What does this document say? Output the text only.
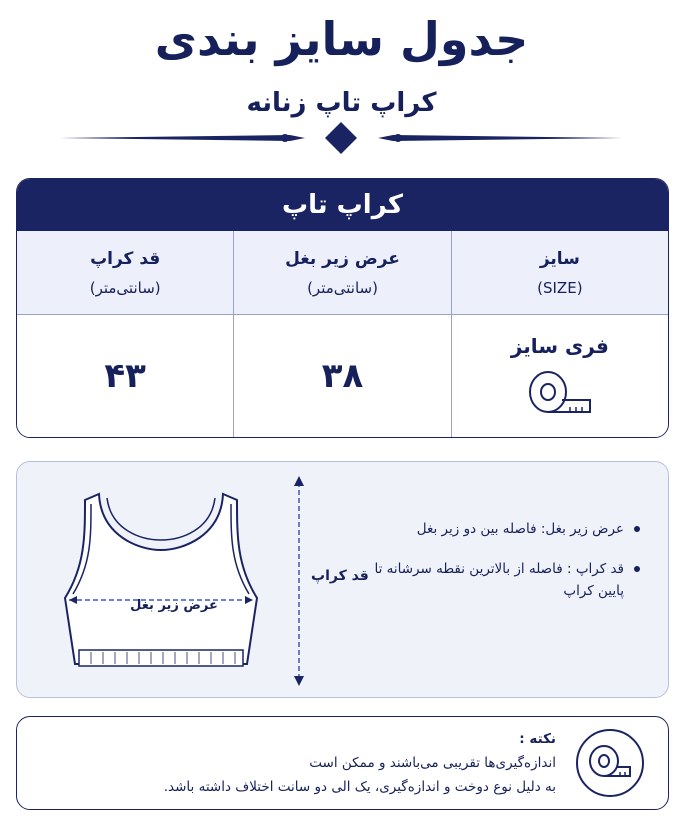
جدول سایز بندی
کراپ تاپ زنانه
کراپ تاپ
سایز
(SIZE)
عرض زیر بغل
(سانتی‌متر)
قد کراپ
(سانتی‌متر)
فری سایز
۳۸
۴۳
عرض زیر بغل
قد کراپ
عرض زیر بغل: فاصله بین دو زیر بغل
قد کراپ : فاصله از بالاترین نقطه سرشانه تا پایین کراپ
نکته :
اندازه‌گیری‌ها تقریبی می‌باشند و ممکن است
به دلیل نوع دوخت و اندازه‌گیری، یک الی دو سانت اختلاف داشته باشد.
